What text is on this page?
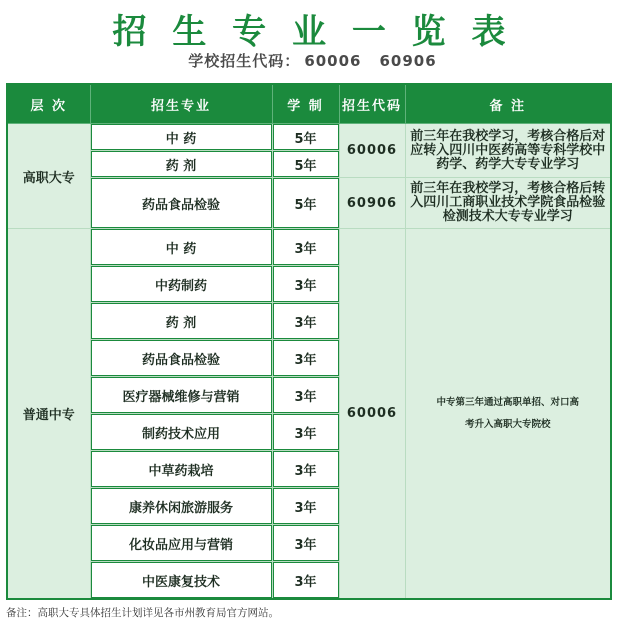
招 生 专 业 一 览 表
学校招生代码： 60006 60906
层 次	招生专业	学 制	招生代码	备 注
高职大专	中 药	5年	60006	前三年在我校学习，考核合格后对应转入四川中医药高等专科学校中药学、药学大专专业学习

药 剂	5年		

药品食品检验	5年	60906	前三年在我校学习，考核合格后转入四川工商职业技术学院食品检验检测技术大专专业学习
普通中专	中 药	3年	60006	中专第三年通过高职单招、对口高考升入高职大专院校

中药制药	3年		

药 剂	3年		

药品食品检验	3年		

医疗器械维修与营销	3年		

制药技术应用	3年		

中草药栽培	3年		

康养休闲旅游服务	3年		

化妆品应用与营销	3年		

中医康复技术	3年		
备注：高职大专具体招生计划详见各市州教育局官方网站。
